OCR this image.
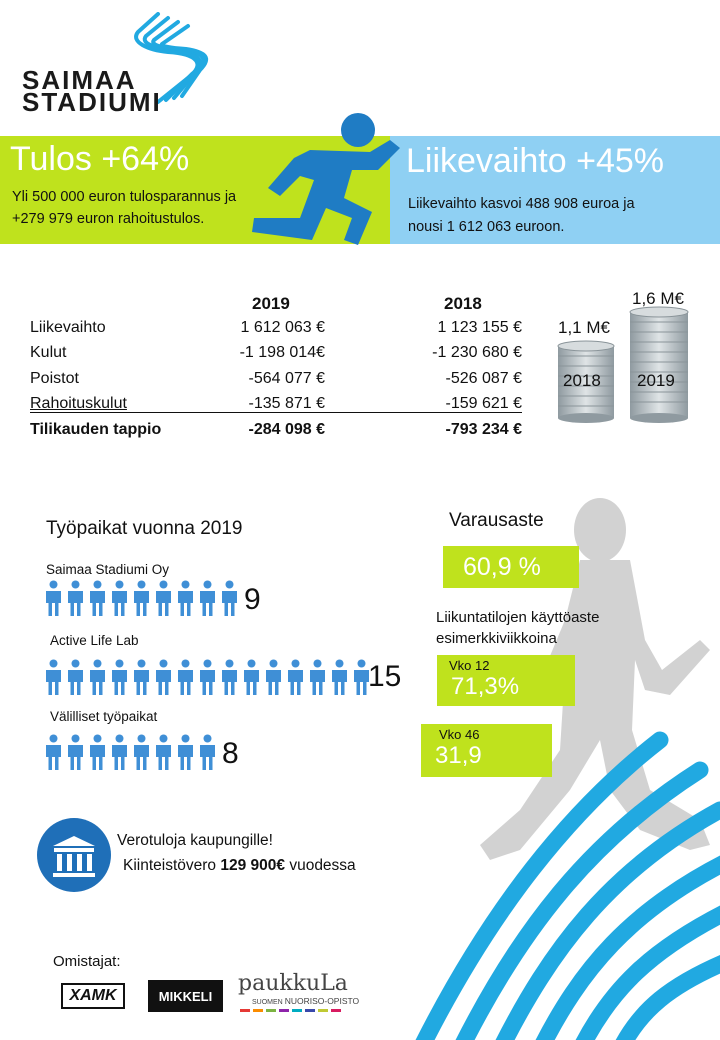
SAIMAA
STADIUMI
Tulos +64%
Yli 500 000 euron tulosparannus ja
+279 979 euron rahoitustulos.
Liikevaihto +45%
Liikevaihto kasvoi 488 908 euroa ja
nousi 1 612 063 euroon.
2019	2018
Liikevaihto	1 612 063 €	1 123 155 €
Kulut	-1 198 014€	-1 230 680 €
Poistot	-564 077 €	-526 087 €
Rahoituskulut	-135 871 €	-159 621 €
Tilikauden tappio	-284 098 €	-793 234 €
1,1 M€
1,6 M€
2018 2019
Työpaikat vuonna 2019
Saimaa Stadiumi Oy
9
Active Life Lab
15
Välilliset työpaikat
8
Varausaste
60,9 %
Liikuntatilojen käyttöaste
esimerkkiviikkoina
Vko 12
71,3%
Vko 46
31,9
Verotuloja kaupungille!
Kiinteistövero 129 900€ vuodessa
Omistajat:
XAMK	MIKKELI	paukkuLa
SUOMEN NUORISO-OPISTO
